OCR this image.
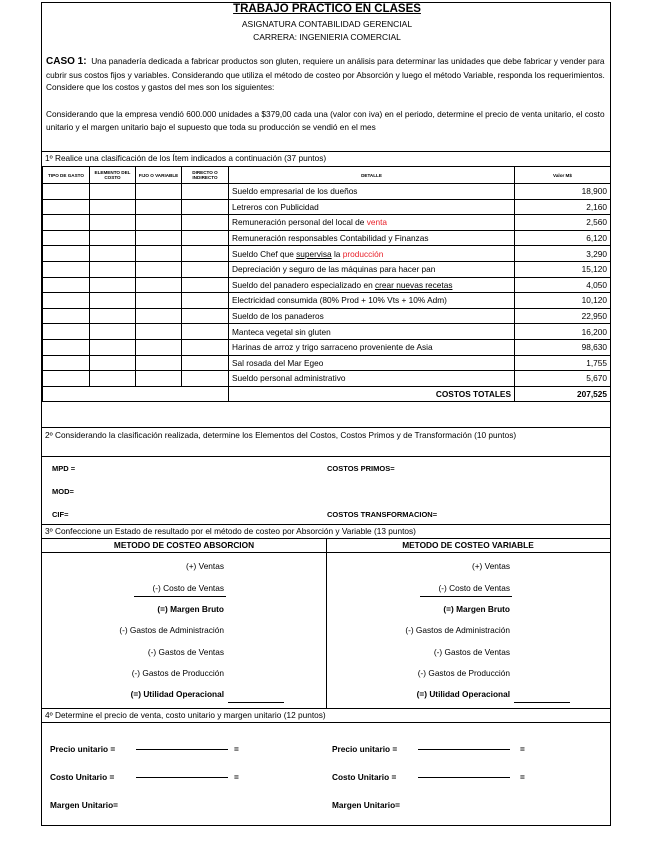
TRABAJO PRACTICO EN CLASES
ASIGNATURA CONTABILIDAD GERENCIAL
CARRERA: INGENIERIA COMERCIAL
CASO 1: Una panadería dedicada a fabricar productos son gluten, requiere un análisis para determinar las unidades que debe fabricar y vender para cubrir sus costos fijos y variables. Considerando que utiliza el método de costeo por Absorción y luego el método Variable, responda los requerimientos. Considere que los costos y gastos del mes son los siguientes:
Considerando que la empresa vendió 600.000 unidades a $379,00 cada una (valor con iva) en el periodo, determine el precio de venta unitario, el costo unitario y el margen unitario bajo el supuesto que toda su producción se vendió en el mes
1º Realice una clasificación de los Ítem indicados a continuación (37 puntos)
TIPO DE GASTO	ELEMENTO DEL COSTO	FIJO O VARIABLE	DIRECTO O INDIRECTO	DETALLE	Valor M$
				Sueldo empresarial de los dueños	18,900
				Letreros con Publicidad	2,160
				Remuneración personal del local de venta	2,560
				Remuneración responsables Contabilidad y Finanzas	6,120
				Sueldo Chef que supervisa la producción	3,290
				Depreciación y seguro de las máquinas para hacer pan	15,120
				Sueldo del panadero especializado en crear nuevas recetas	4,050
				Electricidad consumida (80% Prod + 10% Vts + 10% Adm)	10,120
				Sueldo de los panaderos	22,950
				Manteca vegetal sin gluten	16,200
				Harinas de arroz y trigo sarraceno proveniente de Asia	98,630
				Sal rosada del Mar Egeo	1,755
				Sueldo personal administrativo	5,670
				COSTOS TOTALES	207,525
2º Considerando la clasificación realizada, determine los Elementos del Costos, Costos Primos y de Transformación (10 puntos)
MPD =	COSTOS PRIMOS=
MOD=
CIF=	COSTOS TRANSFORMACION=
3º Confeccione un Estado de resultado por el método de costeo por Absorción y Variable (13 puntos)
METODO DE COSTEO ABSORCION	METODO DE COSTEO VARIABLE
(+) Ventas
(-) Costo de Ventas
(=) Margen Bruto
(-) Gastos de Administración
(-) Gastos de Ventas
(-) Gastos de Producción
(=) Utilidad Operacional
(+) Ventas
(-) Costo de Ventas
(=) Margen Bruto
(-) Gastos de Administración
(-) Gastos de Ventas
(-) Gastos de Producción
(=) Utilidad Operacional
4º Determine el precio de venta, costo unitario y margen unitario (12 puntos)
Precio unitario =	=	Precio unitario =	=
Costo Unitario =	=	Costo Unitario =	=
Margen Unitario=	Margen Unitario=
